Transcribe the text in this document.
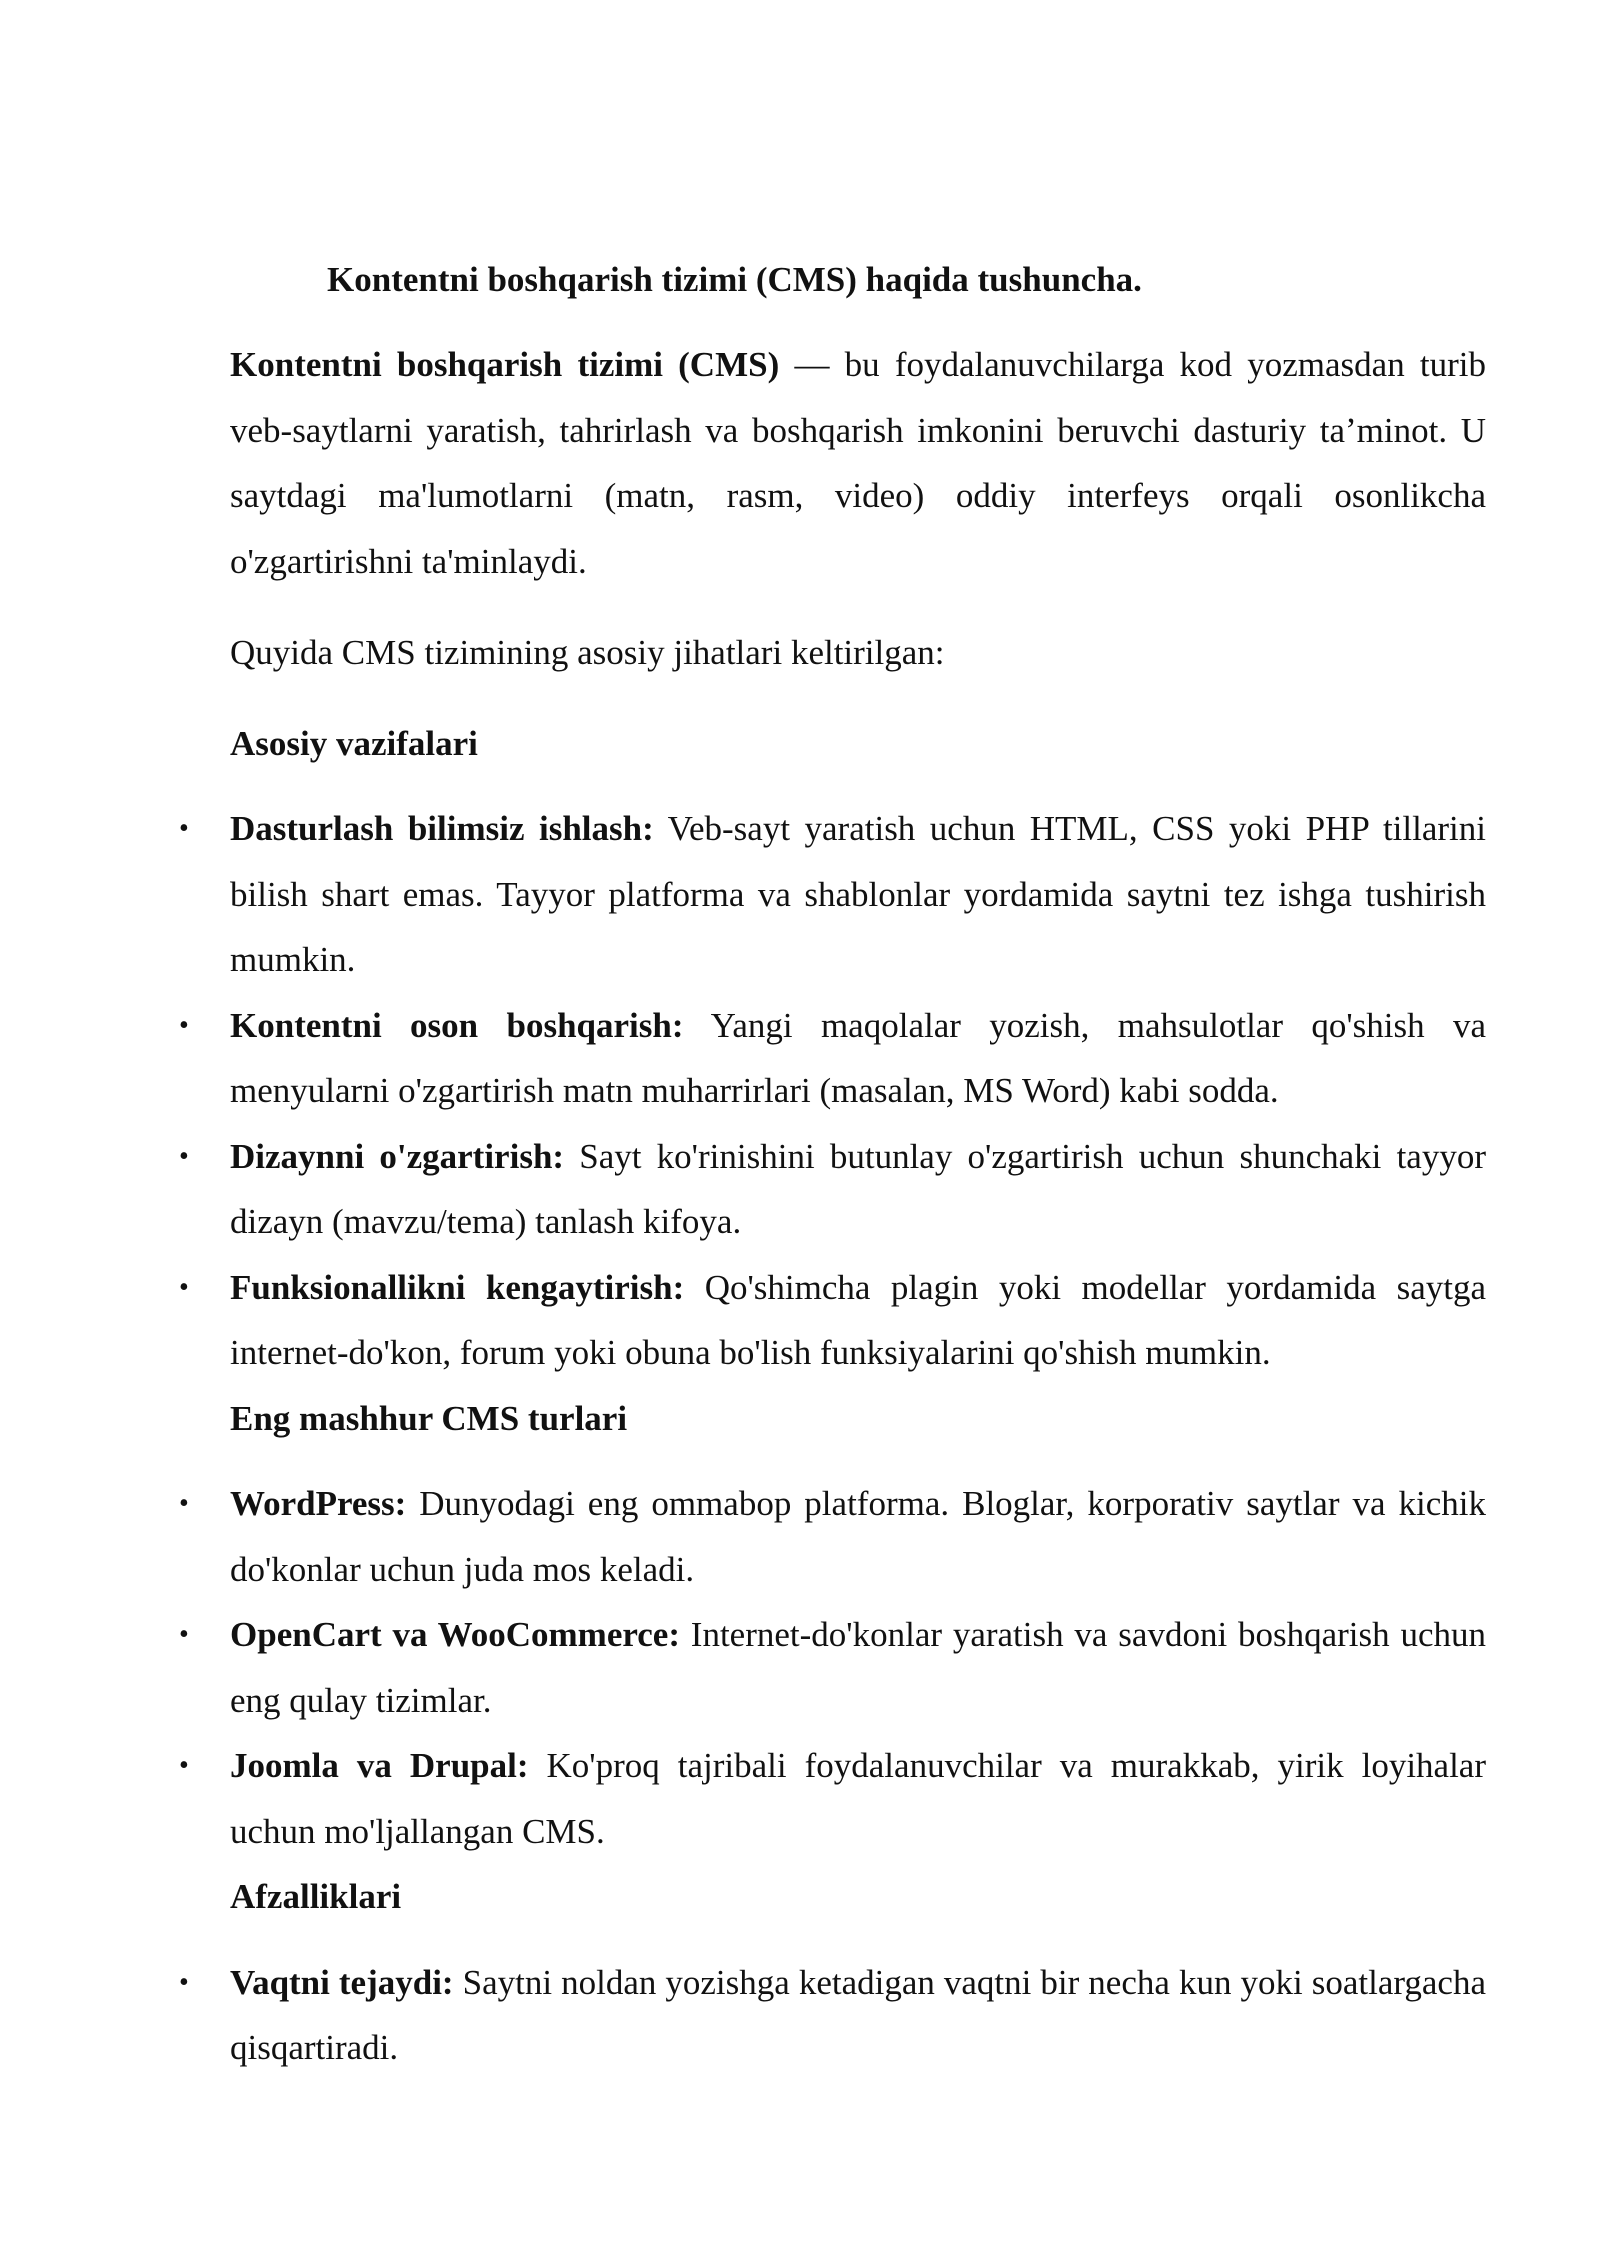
Kontentni boshqarish tizimi (CMS) haqida tushuncha.

Kontentni boshqarish tizimi (CMS) — bu foydalanuvchilarga kod yozmasdan turib veb-saytlarni yaratish, tahrirlash va boshqarish imkonini beruvchi dasturiy taʼminot. U saytdagi ma'lumotlarni (matn, rasm, video) oddiy interfeys orqali osonlikcha o'zgartirishni ta'minlaydi.

Quyida CMS tizimining asosiy jihatlari keltirilgan:

Asosiy vazifalari

• Dasturlash bilimsiz ishlash: Veb-sayt yaratish uchun HTML, CSS yoki PHP tillarini bilish shart emas. Tayyor platforma va shablonlar yordamida saytni tez ishga tushirish mumkin.
• Kontentni oson boshqarish: Yangi maqolalar yozish, mahsulotlar qo'shish va menyularni o'zgartirish matn muharrirlari (masalan, MS Word) kabi sodda.
• Dizaynni o'zgartirish: Sayt ko'rinishini butunlay o'zgartirish uchun shunchaki tayyor dizayn (mavzu/tema) tanlash kifoya.
• Funksionallikni kengaytirish: Qo'shimcha plagin yoki modellar yordamida saytga internet-do'kon, forum yoki obuna bo'lish funksiyalarini qo'shish mumkin.

Eng mashhur CMS turlari

• WordPress: Dunyodagi eng ommabop platforma. Bloglar, korporativ saytlar va kichik do'konlar uchun juda mos keladi.
• OpenCart va WooCommerce: Internet-do'konlar yaratish va savdoni boshqarish uchun eng qulay tizimlar.
• Joomla va Drupal: Ko'proq tajribali foydalanuvchilar va murakkab, yirik loyihalar uchun mo'ljallangan CMS.

Afzalliklari

• Vaqtni tejaydi: Saytni noldan yozishga ketadigan vaqtni bir necha kun yoki soatlargacha qisqartiradi.
